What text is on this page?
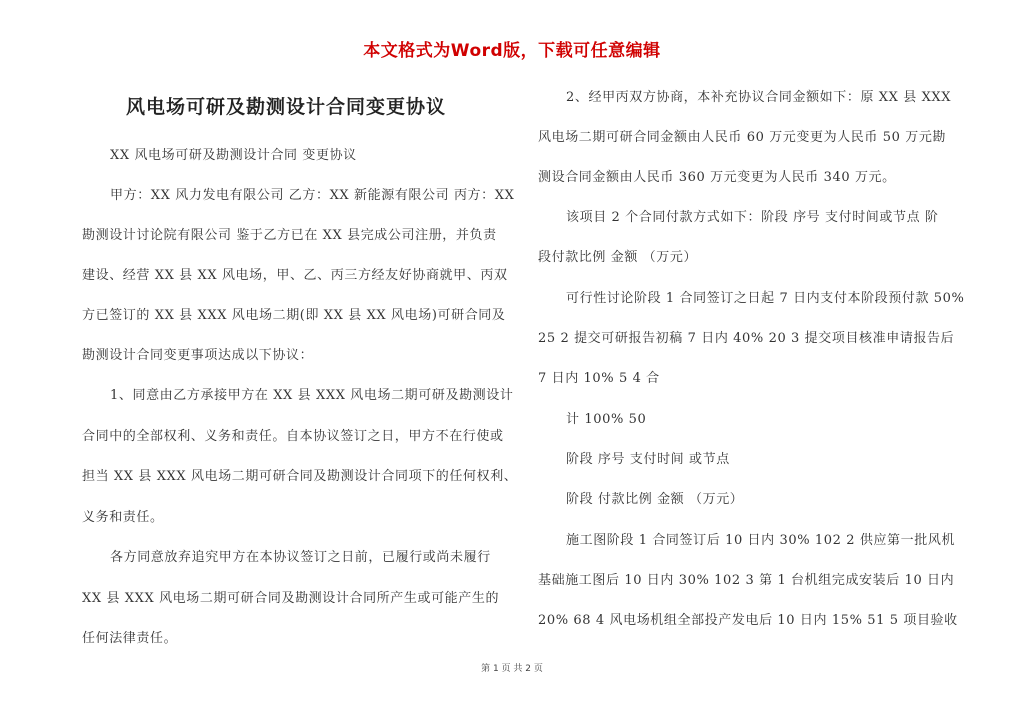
本文格式为Word版，下载可任意编辑
风电场可研及勘测设计合同变更协议
XX 风电场可研及勘测设计合同 变更协议
甲方：XX 风力发电有限公司 乙方：XX 新能源有限公司 丙方：XX
勘测设计讨论院有限公司 鉴于乙方已在 XX 县完成公司注册，并负责
建设、经营 XX 县 XX 风电场，甲、乙、丙三方经友好协商就甲、丙双
方已签订的 XX 县 XXX 风电场二期(即 XX 县 XX 风电场)可研合同及
勘测设计合同变更事项达成以下协议：
1、同意由乙方承接甲方在 XX 县 XXX 风电场二期可研及勘测设计
合同中的全部权利、义务和责任。自本协议签订之日，甲方不在行使或
担当 XX 县 XXX 风电场二期可研合同及勘测设计合同项下的任何权利、
义务和责任。
各方同意放弃追究甲方在本协议签订之日前，已履行或尚未履行
XX 县 XXX 风电场二期可研合同及勘测设计合同所产生或可能产生的
任何法律责任。
2、经甲丙双方协商，本补充协议合同金额如下：原 XX 县 XXX
风电场二期可研合同金额由人民币 60 万元变更为人民币 50 万元勘
测设合同金额由人民币 360 万元变更为人民币 340 万元。
该项目 2 个合同付款方式如下：阶段 序号 支付时间或节点 阶
段付款比例 金额 （万元）
可行性讨论阶段 1 合同签订之日起 7 日内支付本阶段预付款 50%
25 2 提交可研报告初稿 7 日内 40% 20 3 提交项目核准申请报告后
7 日内 10% 5 4 合
计 100% 50
阶段 序号 支付时间 或节点
阶段 付款比例 金额 （万元）
施工图阶段 1 合同签订后 10 日内 30% 102 2 供应第一批风机
基础施工图后 10 日内 30% 102 3 第 1 台机组完成安装后 10 日内
20% 68 4 风电场机组全部投产发电后 10 日内 15% 51 5 项目验收
第 1 页 共 2 页
